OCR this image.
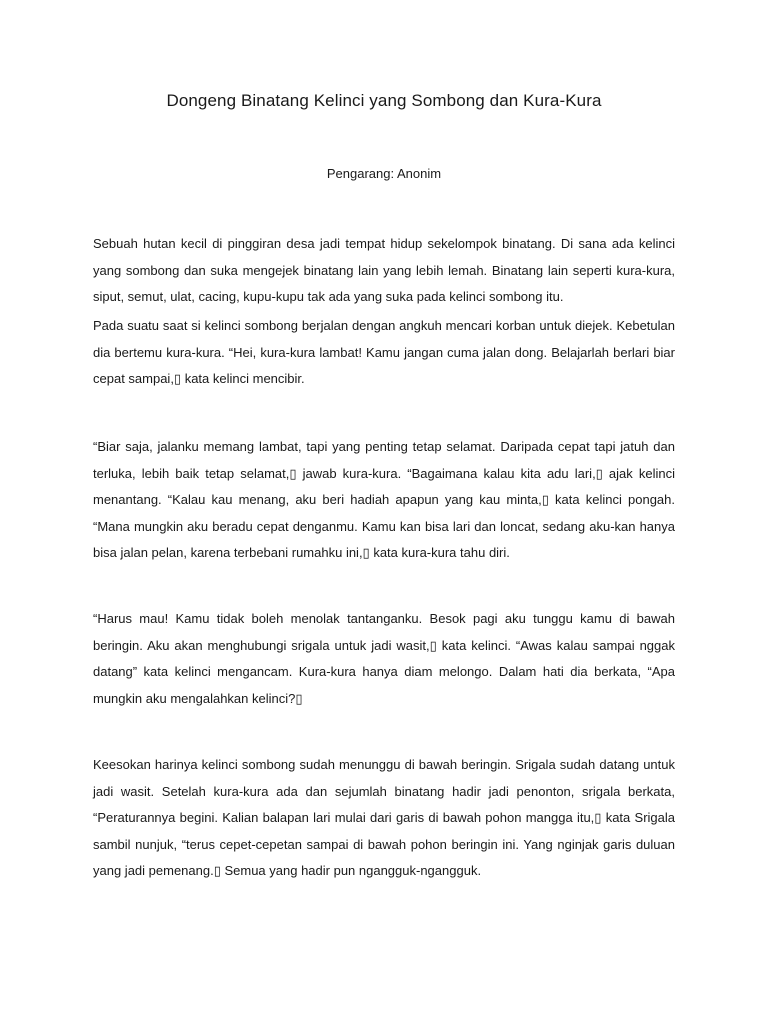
Dongeng Binatang Kelinci yang Sombong dan Kura-Kura
Pengarang: Anonim

Sebuah hutan kecil di pinggiran desa jadi tempat hidup sekelompok binatang. Di sana ada kelinci yang sombong dan suka mengejek binatang lain yang lebih lemah. Binatang lain seperti kura-kura, siput, semut, ulat, cacing, kupu-kupu tak ada yang suka pada kelinci sombong itu.

Pada suatu saat si kelinci sombong berjalan dengan angkuh mencari korban untuk diejek. Kebetulan dia bertemu kura-kura. “Hei, kura-kura lambat! Kamu jangan cuma jalan dong. Belajarlah berlari biar cepat sampai,▯ kata kelinci mencibir.

“Biar saja, jalanku memang lambat, tapi yang penting tetap selamat. Daripada cepat tapi jatuh dan terluka, lebih baik tetap selamat,▯ jawab kura-kura. “Bagaimana kalau kita adu lari,▯ ajak kelinci menantang. “Kalau kau menang, aku beri hadiah apapun yang kau minta,▯ kata kelinci pongah. “Mana mungkin aku beradu cepat denganmu. Kamu kan bisa lari dan loncat, sedang aku-kan hanya bisa jalan pelan, karena terbebani rumahku ini,▯ kata kura-kura tahu diri.

“Harus mau! Kamu tidak boleh menolak tantanganku. Besok pagi aku tunggu kamu di bawah beringin. Aku akan menghubungi srigala untuk jadi wasit,▯ kata kelinci. “Awas kalau sampai nggak datang” kata kelinci mengancam. Kura-kura hanya diam melongo. Dalam hati dia berkata, “Apa mungkin aku mengalahkan kelinci?▯

Keesokan harinya kelinci sombong sudah menunggu di bawah beringin. Srigala sudah datang untuk jadi wasit. Setelah kura-kura ada dan sejumlah binatang hadir jadi penonton, srigala berkata, “Peraturannya begini. Kalian balapan lari mulai dari garis di bawah pohon mangga itu,▯ kata Srigala sambil nunjuk, “terus cepet-cepetan sampai di bawah pohon beringin ini. Yang nginjak garis duluan yang jadi pemenang.▯ Semua yang hadir pun ngangguk-ngangguk.
